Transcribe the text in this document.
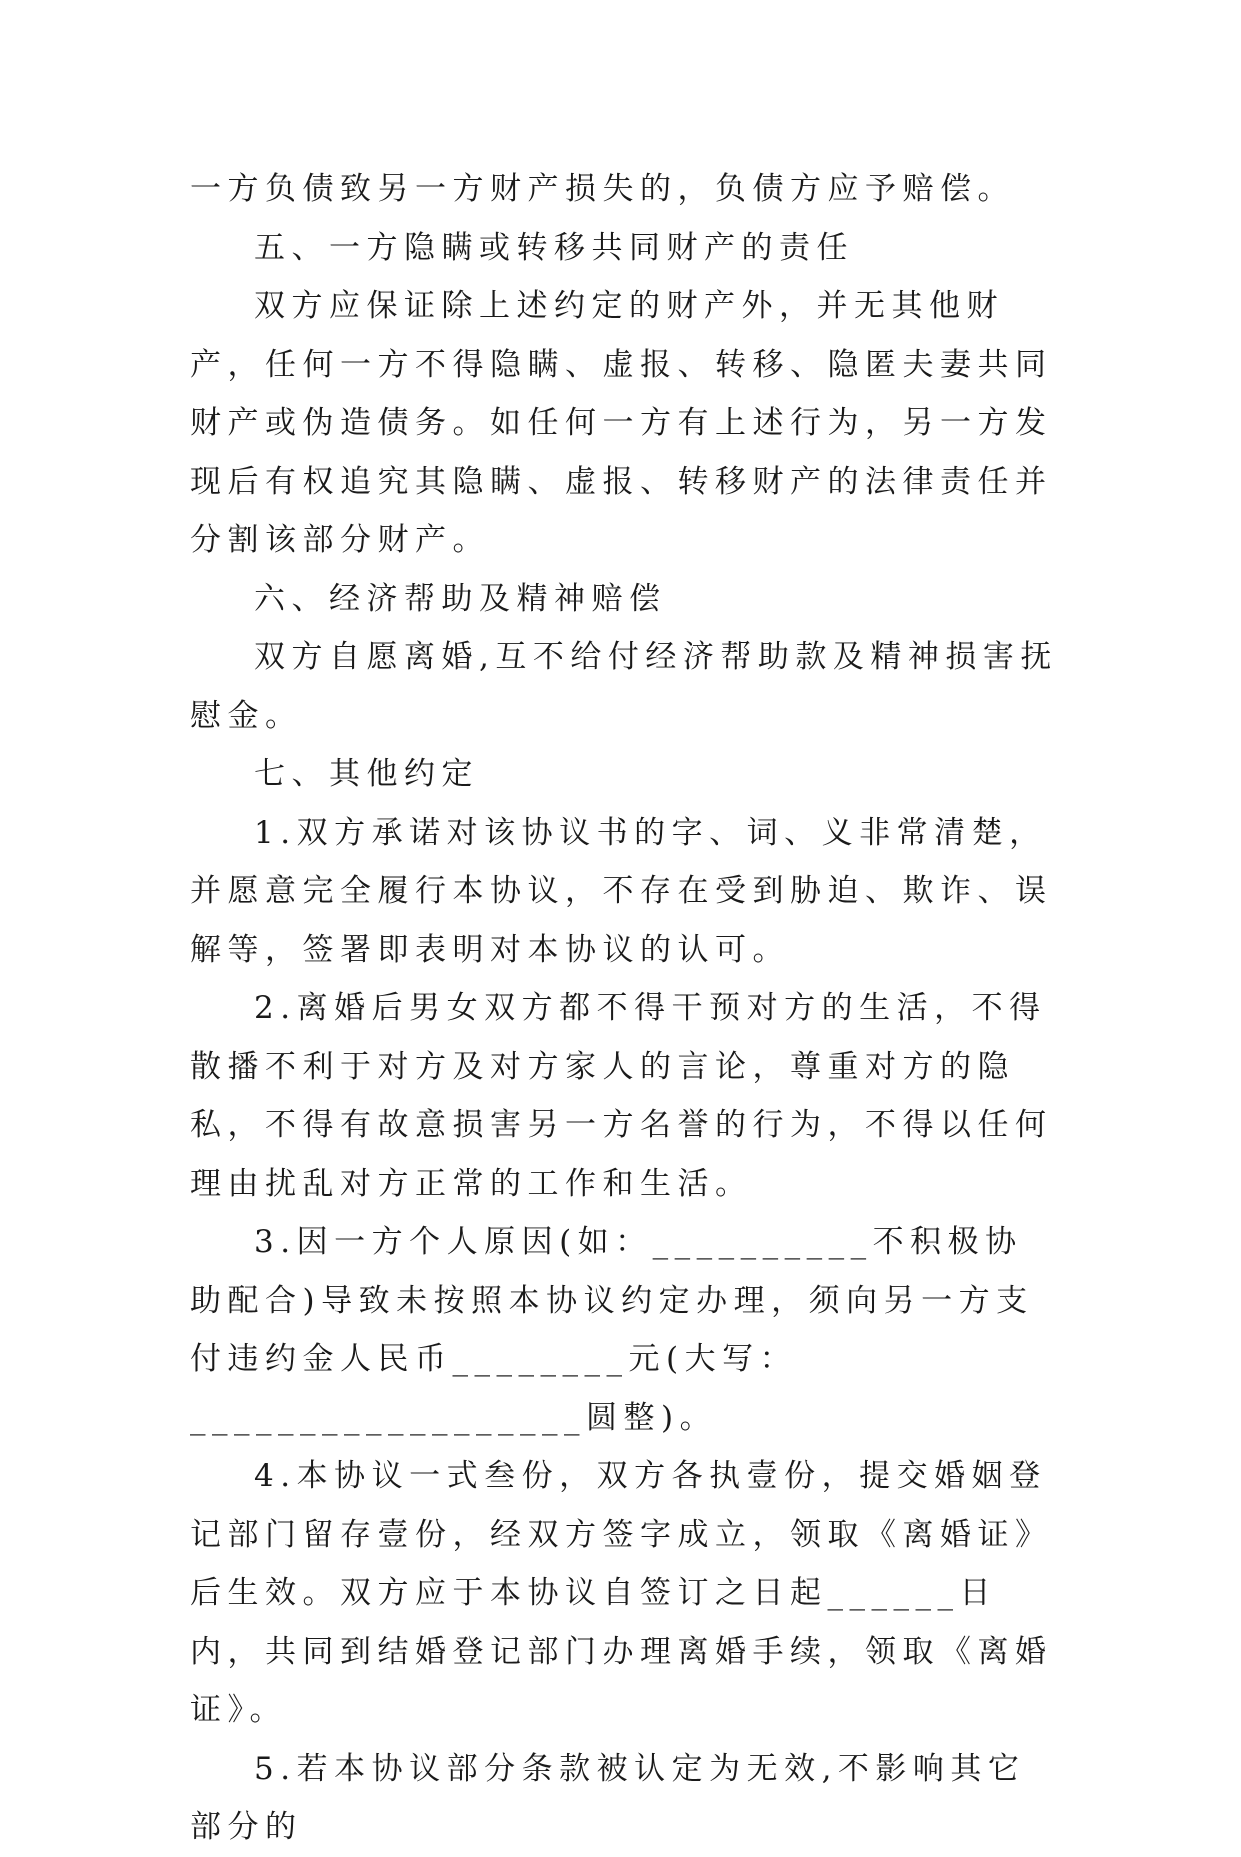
一方负债致另一方财产损失的，负债方应予赔偿。

五、一方隐瞒或转移共同财产的责任

双方应保证除上述约定的财产外，并无其他财产，任何一方不得隐瞒、虚报、转移、隐匿夫妻共同财产或伪造债务。如任何一方有上述行为，另一方发现后有权追究其隐瞒、虚报、转移财产的法律责任并分割该部分财产。

六、经济帮助及精神赔偿

双方自愿离婚,互不给付经济帮助款及精神损害抚慰金。

七、其他约定

1.双方承诺对该协议书的字、词、义非常清楚，并愿意完全履行本协议，不存在受到胁迫、欺诈、误解等，签署即表明对本协议的认可。

2.离婚后男女双方都不得干预对方的生活，不得散播不利于对方及对方家人的言论，尊重对方的隐私，不得有故意损害另一方名誉的行为，不得以任何理由扰乱对方正常的工作和生活。

3.因一方个人原因(如：__________不积极协助配合)导致未按照本协议约定办理，须向另一方支付违约金人民币________元(大写：__________________圆整)。

4.本协议一式叁份，双方各执壹份，提交婚姻登记部门留存壹份，经双方签字成立，领取《离婚证》后生效。双方应于本协议自签订之日起______日内，共同到结婚登记部门办理离婚手续，领取《离婚证》。

5.若本协议部分条款被认定为无效,不影响其它部分的
